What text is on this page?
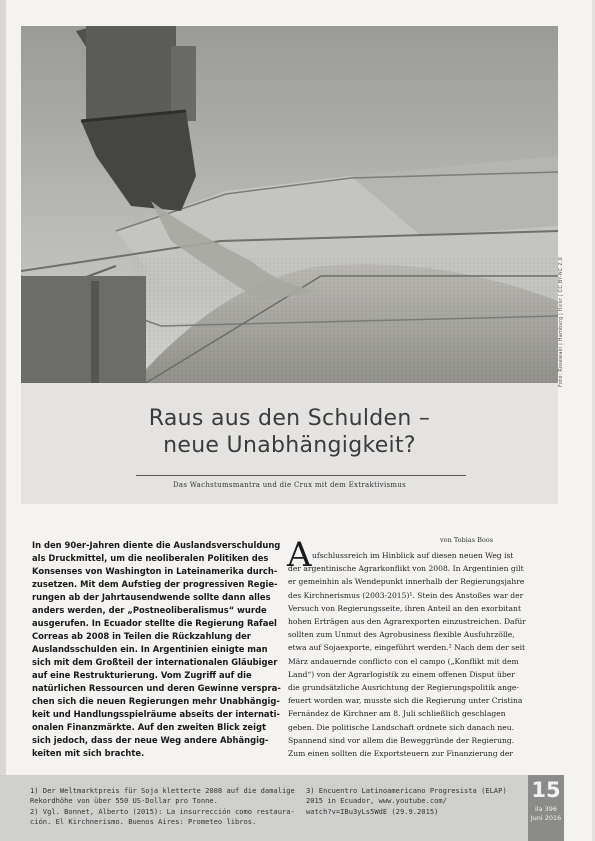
Foto: Rosewaki | Hamburg | flickr | CC BY-NC 2.0
Raus aus den Schulden –
neue Unabhängigkeit?
Das Wachstumsmantra und die Crux mit dem Extraktivismus
In den 90er-Jahren diente die Auslandsverschuldung
als Druckmittel, um die neoliberalen Politiken des
Konsenses von Washington in Lateinamerika durch-
zusetzen. Mit dem Aufstieg der progressiven Regie-
rungen ab der Jahrtausendwende sollte dann alles
anders werden, der „Postneoliberalismus“ wurde
ausgerufen. In Ecuador stellte die Regierung Rafael
Correas ab 2008 in Teilen die Rückzahlung der
Auslandsschulden ein. In Argentinien einigte man
sich mit dem Großteil der internationalen Gläubiger
auf eine Restrukturierung. Vom Zugriff auf die
natürlichen Ressourcen und deren Gewinne verspra-
chen sich die neuen Regierungen mehr Unabhängig-
keit und Handlungsspielräume abseits der internati-
onalen Finanzmärkte. Auf den zweiten Blick zeigt
sich jedoch, dass der neue Weg andere Abhängig-
keiten mit sich brachte.
von Tobias Boos
A ufschlussreich im Hinblick auf diesen neuen Weg ist
der argentinische Agrarkonflikt von 2008. In Argentinien gilt
er gemeinhin als Wendepunkt innerhalb der Regierungsjahre
des Kirchnerismus (2003-2015)¹. Stein des Anstoßes war der
Versuch von Regierungsseite, ihren Anteil an den exorbitant
hohen Erträgen aus den Agrarexporten einzustreichen. Dafür
sollten zum Unmut des Agrobusiness flexible Ausfuhrzölle,
etwa auf Sojaexporte, eingeführt werden.² Nach dem der seit
März andauernde conflicto con el campo („Konflikt mit dem
Land“) von der Agrarlogistik zu einem offenen Disput über
die grundsätzliche Ausrichtung der Regierungspolitik ange-
feuert worden war, musste sich die Regierung unter Cristina
Fernández de Kirchner am 8. Juli schließlich geschlagen
geben. Die politische Landschaft ordnete sich danach neu.
Spannend sind vor allem die Beweggründe der Regierung.
Zum einen sollten die Exportsteuern zur Finanzierung der
1) Der Weltmarktpreis für Soja kletterte 2008 auf die damalige
Rekordhöhe von über 550 US-Dollar pro Tonne.
2) Vgl. Bonnet, Alberto (2015): La insurrección como restaura-
ción. El Kirchnerismo. Buenos Aires: Prometeo libros.
3) Encuentro Latinoamericano Progresista (ELAP)
2015 in Ecuador, www.youtube.com/
watch?v=IBu3yLs5WdE (29.9.2015)
15
ila 396
Juni 2016
